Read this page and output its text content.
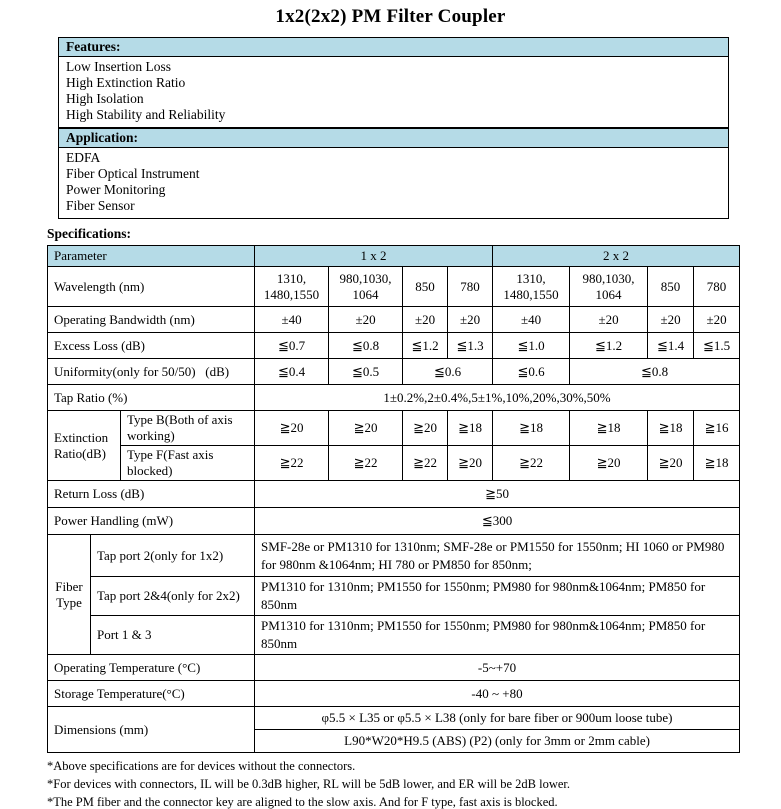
1x2(2x2) PM Filter Coupler
Features:
Low Insertion Loss
High Extinction Ratio
High Isolation
High Stability and Reliability
Application:
EDFA
Fiber Optical Instrument
Power Monitoring
Fiber Sensor
Specifications:
Parameter			1 x 2				2 x 2			
Wavelength (nm)			1310, 1480,1550	980,1030, 1064	850	780	1310, 1480,1550	980,1030, 1064	850	780
Operating Bandwidth (nm)			±40	±20	±20	±20	±40	±20	±20	±20
Excess Loss (dB)			≦0.7	≦0.8	≦1.2	≦1.3	≦1.0	≦1.2	≦1.4	≦1.5
Uniformity(only for 50/50)   (dB)			≦0.4	≦0.5	≦0.6		≦0.6	≦0.8		
Tap Ratio (%)			1±0.2%,2±0.4%,5±1%,10%,20%,30%,50%							
Extinction Ratio(dB)		Type B(Both of axis working)	≧20	≧20	≧20	≧18	≧18	≧18	≧18	≧16
		Type F(Fast axis blocked)	≧22	≧22	≧22	≧20	≧22	≧20	≧20	≧18
Return Loss (dB)			≧50							
Power Handling (mW)			≦300							
Fiber Type	Tap port 2(only for 1x2)		SMF-28e or PM1310 for 1310nm; SMF-28e or PM1550 for 1550nm; HI 1060 or PM980 for 980nm &1064nm; HI 780 or PM850 for 850nm;							
	Tap port 2&4(only for 2x2)		PM1310 for 1310nm; PM1550 for 1550nm; PM980 for 980nm&1064nm; PM850 for 850nm							
	Port 1 & 3		PM1310 for 1310nm; PM1550 for 1550nm; PM980 for 980nm&1064nm; PM850 for 850nm							
Operating Temperature (°C)			-5~+70							
Storage Temperature(°C)			-40 ~ +80							
Dimensions (mm)			φ5.5 × L35 or φ5.5 × L38 (only for bare fiber or 900um loose tube)							
			L90*W20*H9.5 (ABS) (P2) (only for 3mm or 2mm cable)							
*Above specifications are for devices without the connectors.
*For devices with connectors, IL will be 0.3dB higher, RL will be 5dB lower, and ER will be 2dB lower.
*The PM fiber and the connector key are aligned to the slow axis. And for F type, fast axis is blocked.
